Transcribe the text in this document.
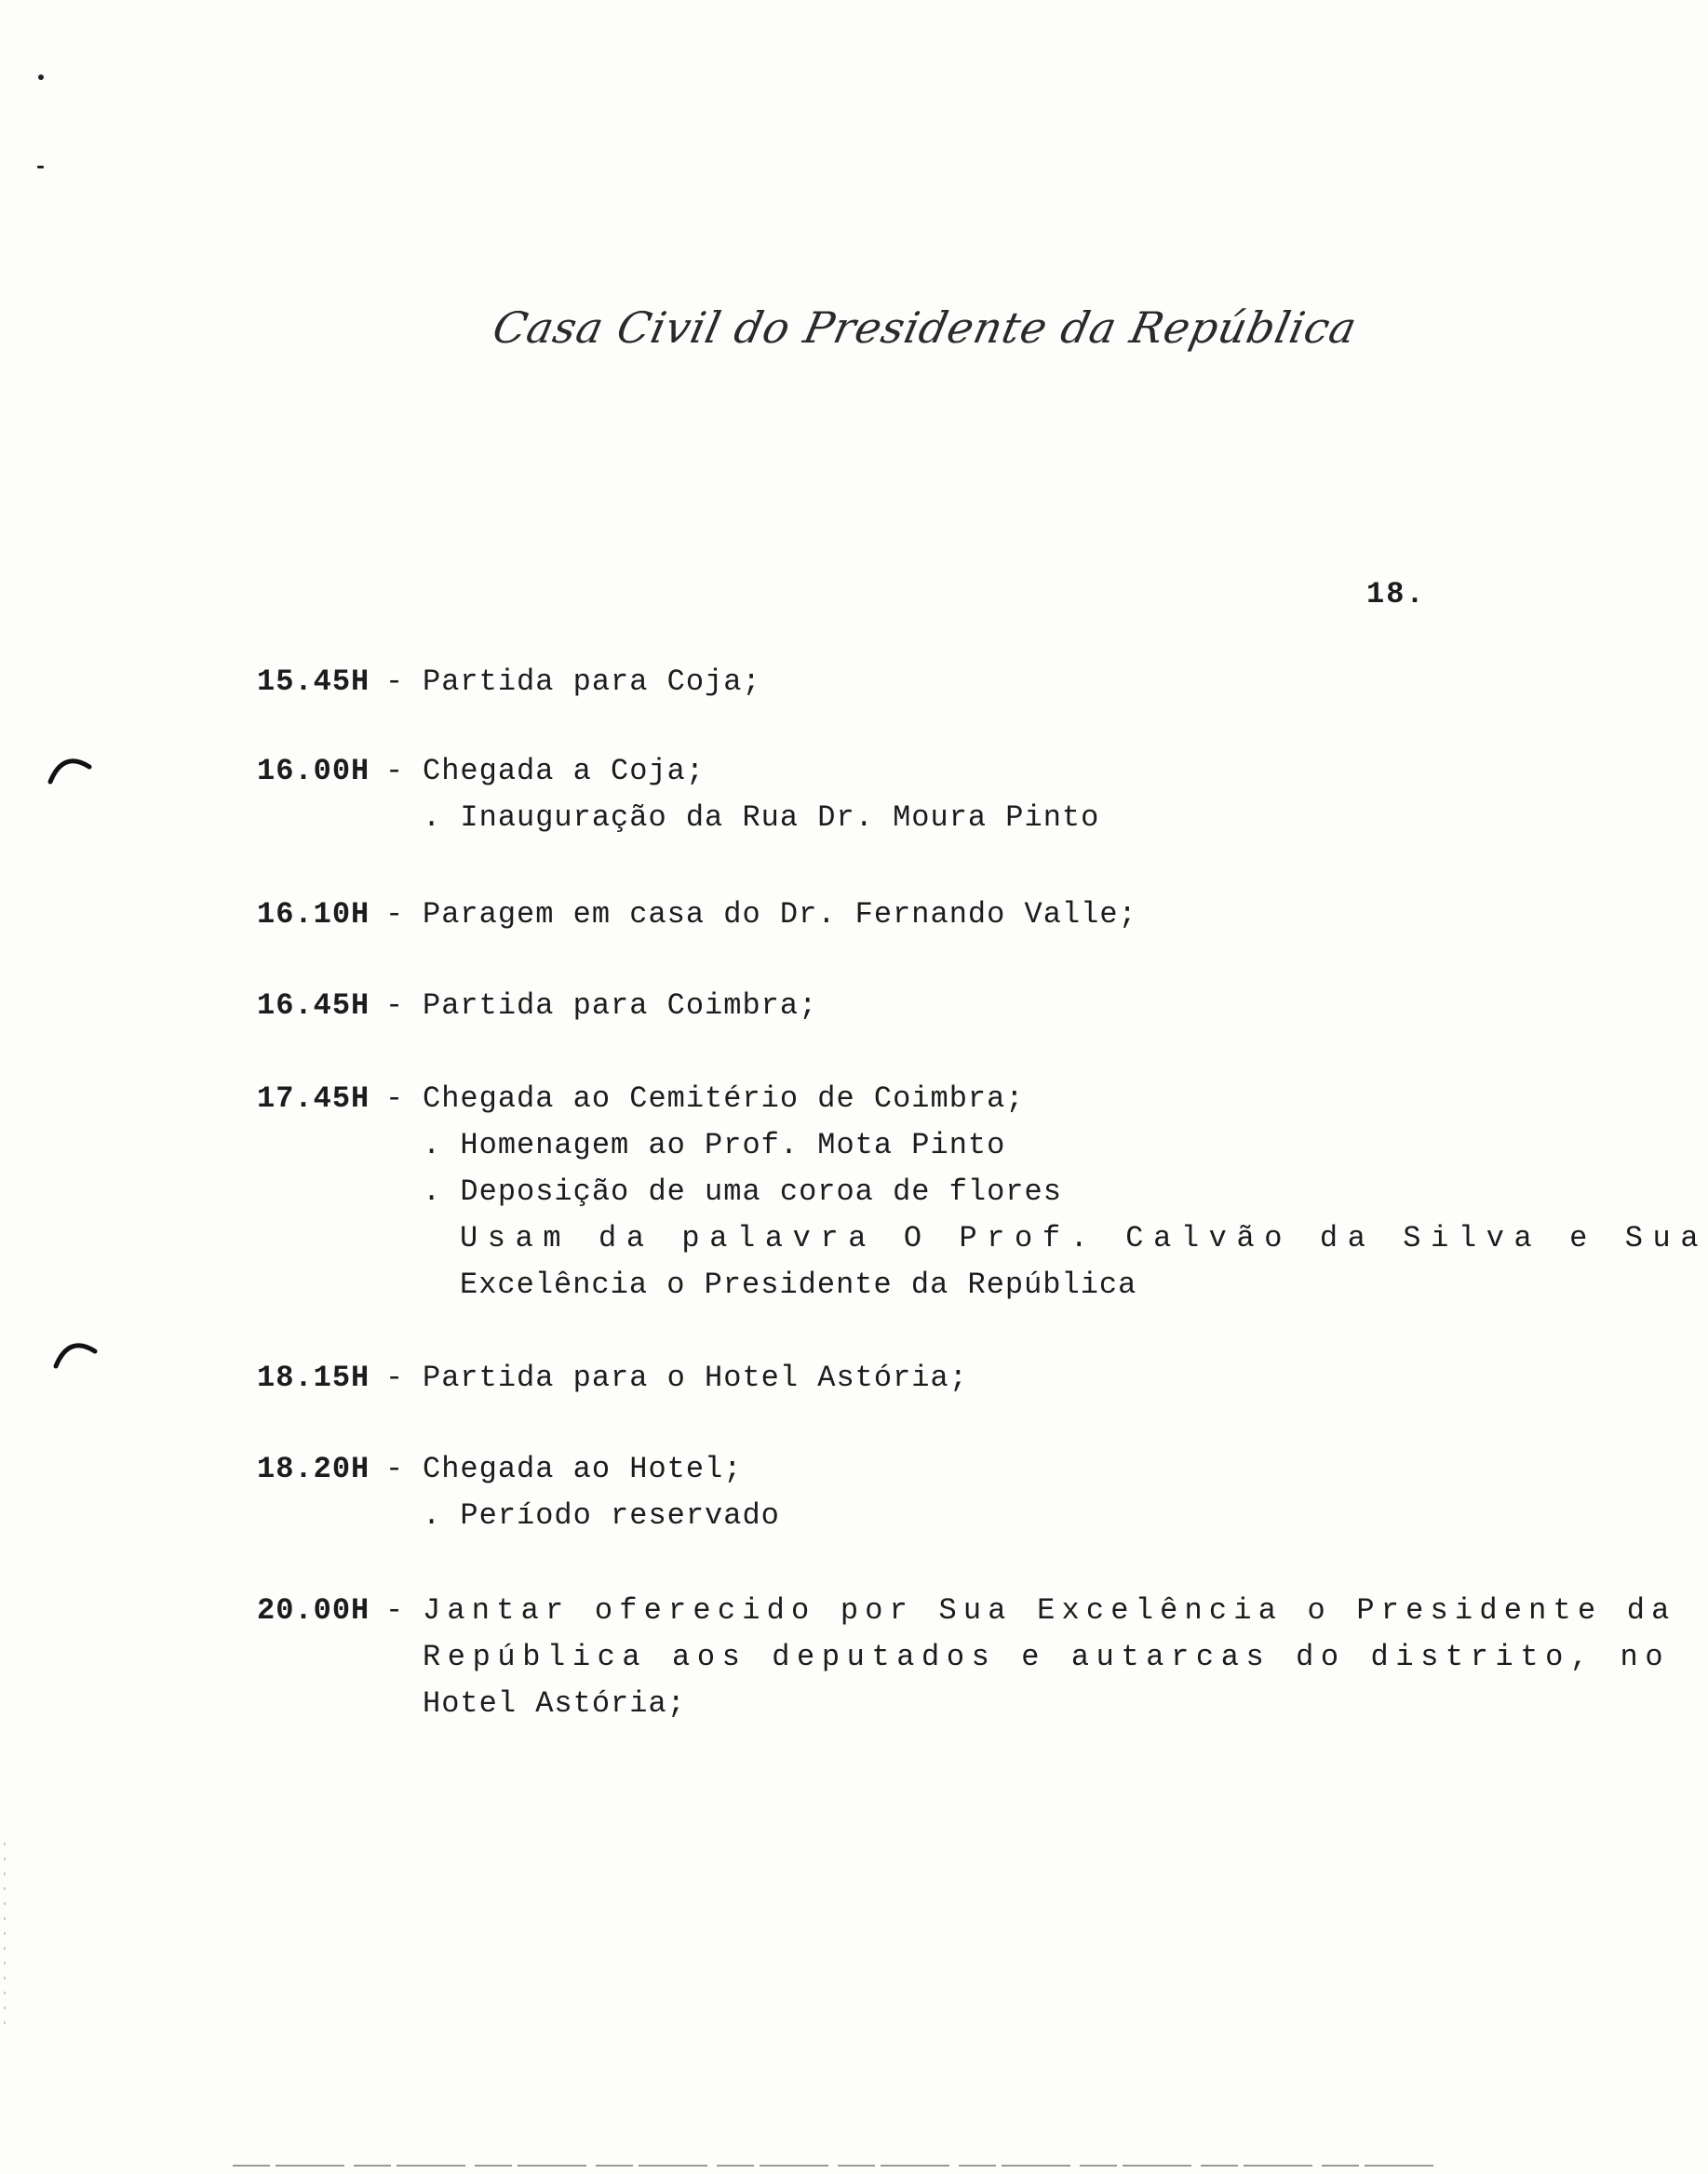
Casa Civil do Presidente da República
18.
15.45H - Partida para Coja;
16.00H - Chegada a Coja;
. Inauguração da Rua Dr. Moura Pinto
16.10H - Paragem em casa do Dr. Fernando Valle;
16.45H - Partida para Coimbra;
17.45H - Chegada ao Cemitério de Coimbra;
. Homenagem ao Prof. Mota Pinto
. Deposição de uma coroa de flores
Usam da palavra O Prof. Calvão da Silva e Sua
Excelência o Presidente da República
18.15H - Partida para o Hotel Astória;
18.20H - Chegada ao Hotel;
. Período reservado
20.00H - Jantar oferecido por Sua Excelência o Presidente da
República aos deputados e autarcas do distrito, no
Hotel Astória;
